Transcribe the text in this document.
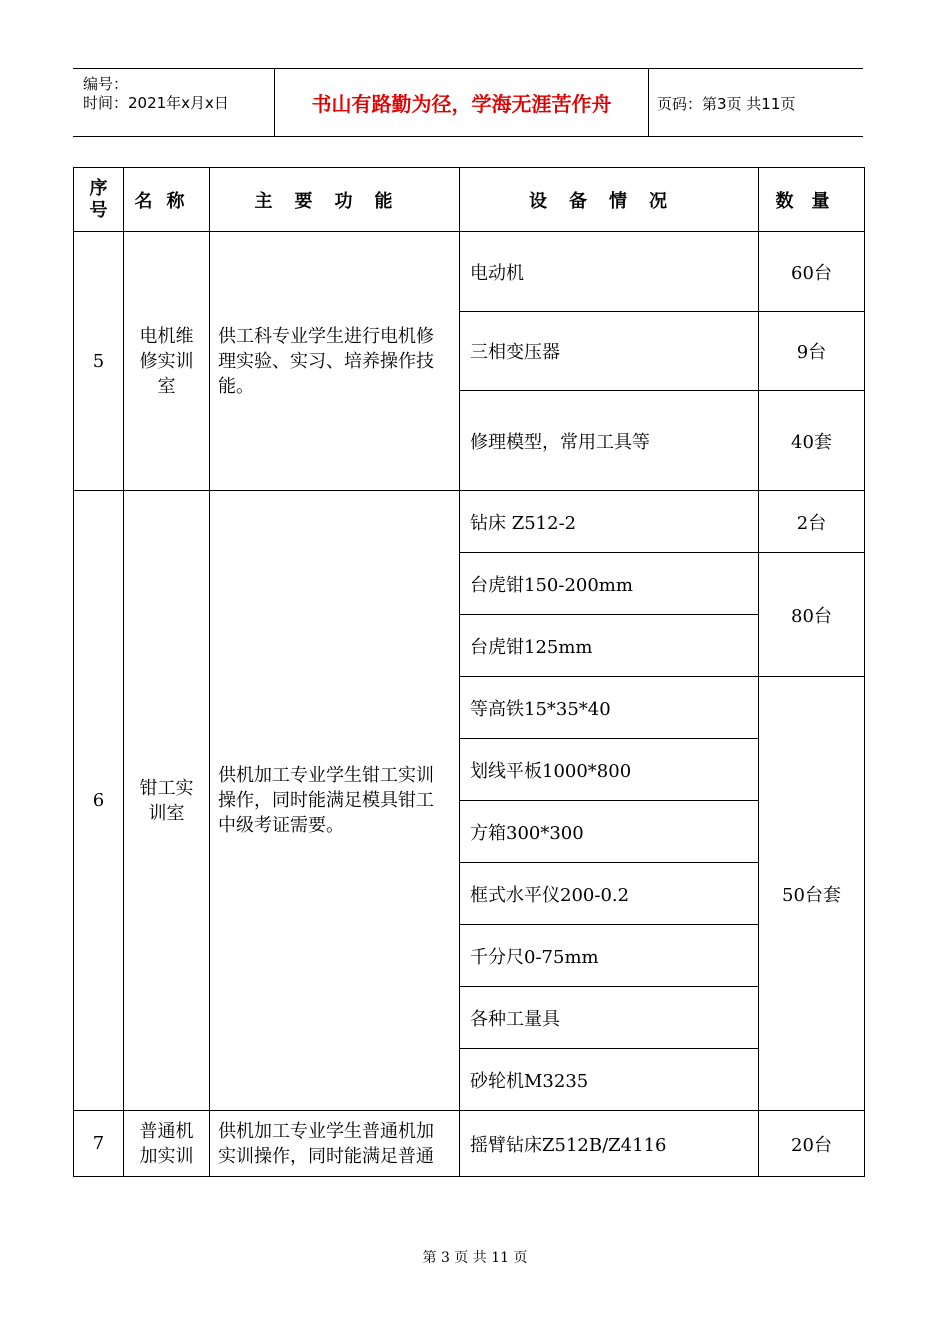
编号：
时间：2021年x月x日	书山有路勤为径，学海无涯苦作舟	页码：第3页 共11页
序号	名称	主要功能	设备情况	数量
5	电机维修实训室	供工科专业学生进行电机修理实验、实习、培养操作技能。	电动机	60台
			三相变压器	9台
			修理模型，常用工具等	40套
6	钳工实训室	供机加工专业学生钳工实训操作，同时能满足模具钳工中级考证需要。	钻床 Z512-2	2台
			台虎钳150-200mm	80台
			台虎钳125mm	
			等高铁15*35*40	50台套
			划线平板1000*800	
			方箱300*300	
			框式水平仪200-0.2	
			千分尺0-75mm	
			各种工量具	
			砂轮机M3235	
7	普通机加实训	供机加工专业学生普通机加实训操作，同时能满足普通	摇臂钻床Z512B/Z4116	20台
第 3 页 共 11 页
